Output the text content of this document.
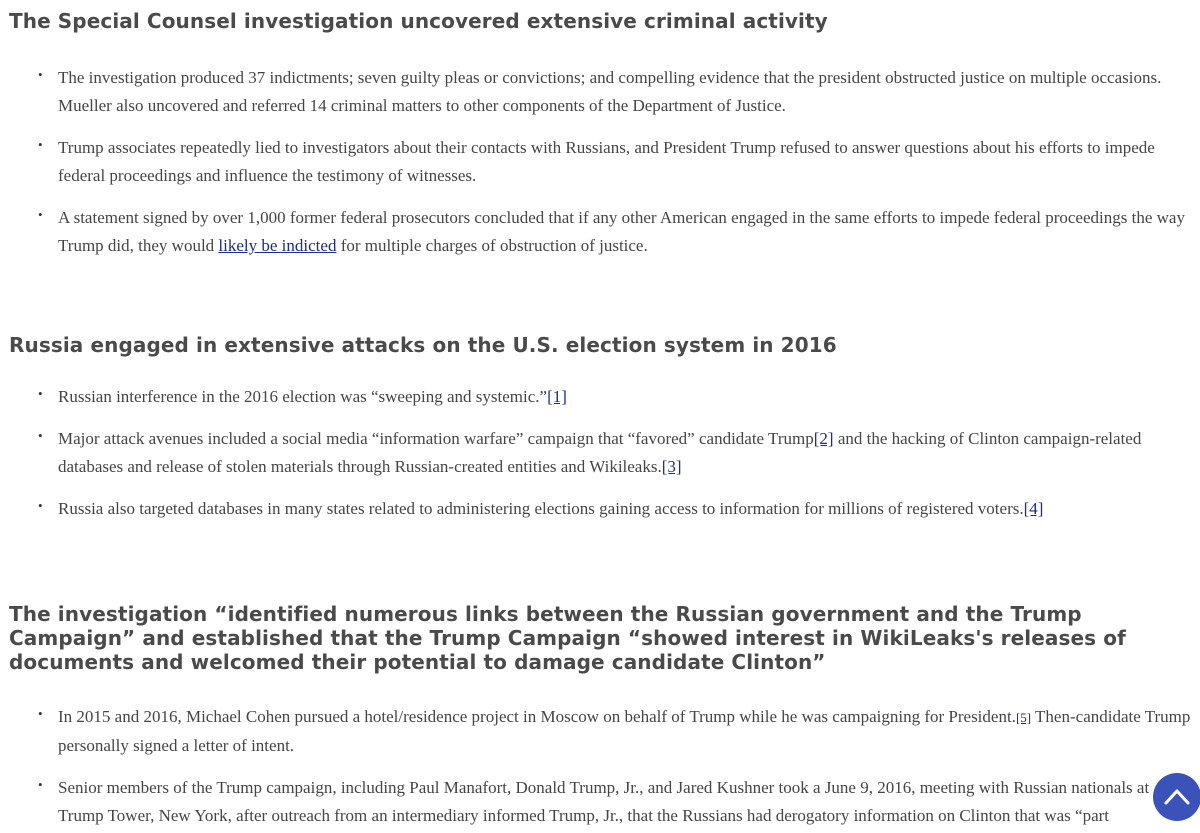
The Special Counsel investigation uncovered extensive criminal activity
• The investigation produced 37 indictments; seven guilty pleas or convictions; and compelling evidence that the president obstructed justice on multiple occasions. Mueller also uncovered and referred 14 criminal matters to other components of the Department of Justice.
• Trump associates repeatedly lied to investigators about their contacts with Russians, and President Trump refused to answer questions about his efforts to impede federal proceedings and influence the testimony of witnesses.
• A statement signed by over 1,000 former federal prosecutors concluded that if any other American engaged in the same efforts to impede federal proceedings the way Trump did, they would likely be indicted for multiple charges of obstruction of justice.
Russia engaged in extensive attacks on the U.S. election system in 2016
• Russian interference in the 2016 election was “sweeping and systemic.”[1]
• Major attack avenues included a social media “information warfare” campaign that “favored” candidate Trump[2] and the hacking of Clinton campaign-related databases and release of stolen materials through Russian-created entities and Wikileaks.[3]
• Russia also targeted databases in many states related to administering elections gaining access to information for millions of registered voters.[4]
The investigation “identified numerous links between the Russian government and the Trump Campaign” and established that the Trump Campaign “showed interest in WikiLeaks's releases of documents and welcomed their potential to damage candidate Clinton”
• In 2015 and 2016, Michael Cohen pursued a hotel/residence project in Moscow on behalf of Trump while he was campaigning for President.[5] Then-candidate Trump personally signed a letter of intent.
• Senior members of the Trump campaign, including Paul Manafort, Donald Trump, Jr., and Jared Kushner took a June 9, 2016, meeting with Russian nationals at Trump Tower, New York, after outreach from an intermediary informed Trump, Jr., that the Russians had derogatory information on Clinton that was “part
